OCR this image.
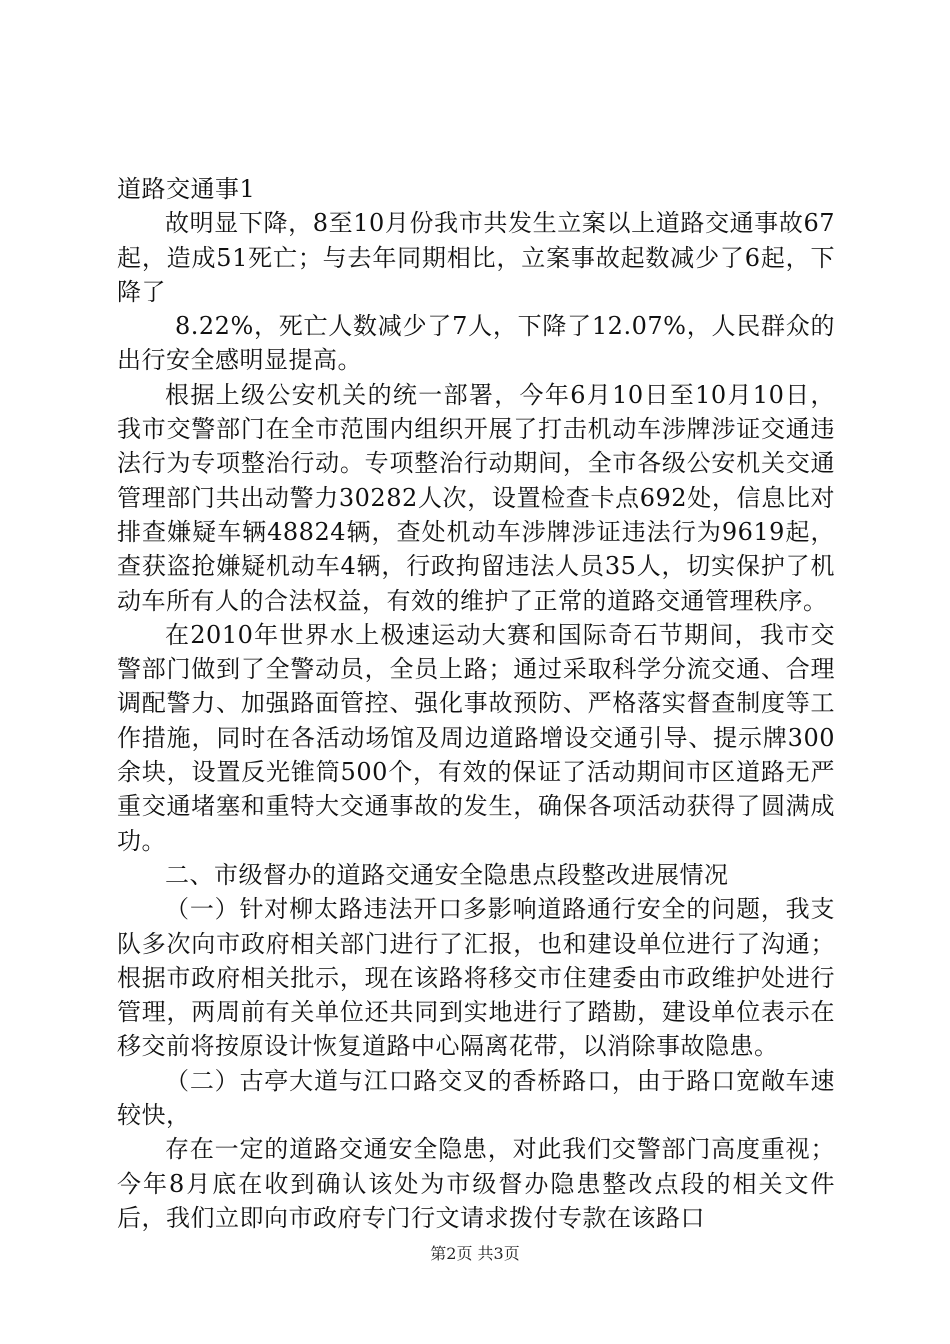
道路交通事1

故明显下降，8至10月份我市共发生立案以上道路交通事故67起，造成51死亡；与去年同期相比，立案事故起数减少了6起，下降了

8.22%，死亡人数减少了7人，下降了12.07%，人民群众的出行安全感明显提高。

根据上级公安机关的统一部署，今年6月10日至10月10日，我市交警部门在全市范围内组织开展了打击机动车涉牌涉证交通违法行为专项整治行动。专项整治行动期间，全市各级公安机关交通管理部门共出动警力30282人次，设置检查卡点692处，信息比对排查嫌疑车辆48824辆，查处机动车涉牌涉证违法行为9619起，查获盗抢嫌疑机动车4辆，行政拘留违法人员35人，切实保护了机动车所有人的合法权益，有效的维护了正常的道路交通管理秩序。

在2010年世界水上极速运动大赛和国际奇石节期间，我市交警部门做到了全警动员，全员上路；通过采取科学分流交通、合理调配警力、加强路面管控、强化事故预防、严格落实督查制度等工作措施，同时在各活动场馆及周边道路增设交通引导、提示牌300余块，设置反光锥筒500个，有效的保证了活动期间市区道路无严重交通堵塞和重特大交通事故的发生，确保各项活动获得了圆满成功。

二、市级督办的道路交通安全隐患点段整改进展情况

（一）针对柳太路违法开口多影响道路通行安全的问题，我支队多次向市政府相关部门进行了汇报，也和建设单位进行了沟通；根据市政府相关批示，现在该路将移交市住建委由市政维护处进行管理，两周前有关单位还共同到实地进行了踏勘，建设单位表示在移交前将按原设计恢复道路中心隔离花带，以消除事故隐患。

（二）古亭大道与江口路交叉的香桥路口，由于路口宽敞车速较快，

存在一定的道路交通安全隐患，对此我们交警部门高度重视；今年8月底在收到确认该处为市级督办隐患整改点段的相关文件后，我们立即向市政府专门行文请求拨付专款在该路口

第2页 共3页
